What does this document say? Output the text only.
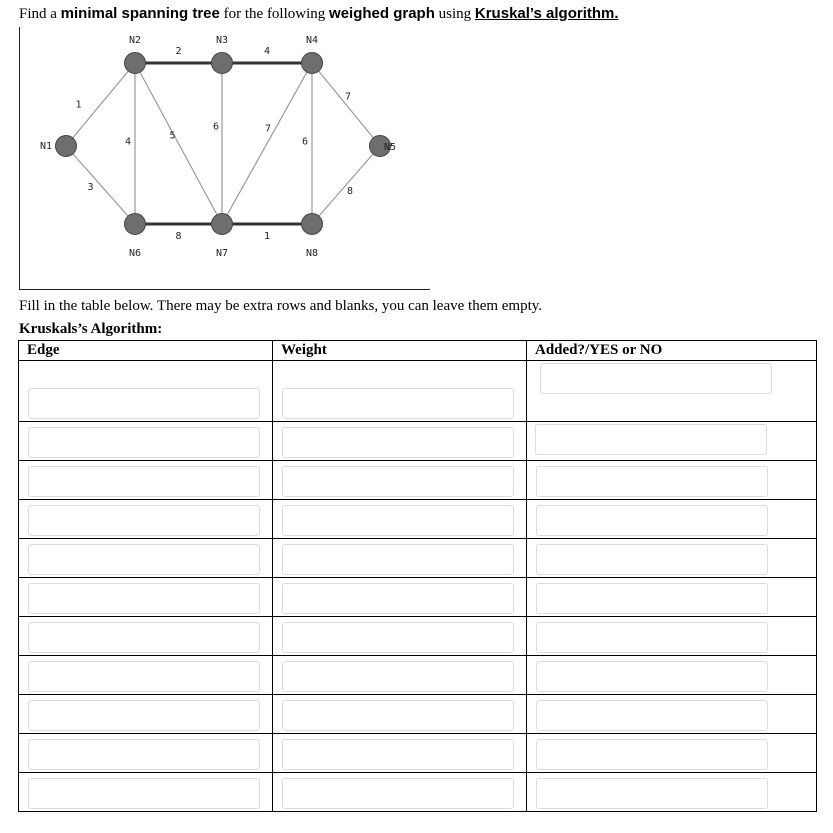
Find a minimal spanning tree for the following weighed graph using Kruskal’s algorithm.
1
2	4
7
3
4
5
6	7
6
8
8	1
N1
N2	N3	N4
N5
N6	N7	N8
Fill in the table below. There may be extra rows and blanks, you can leave them empty.
Kruskals’s Algorithm:
Edge	Weight	Added?/YES or NO
